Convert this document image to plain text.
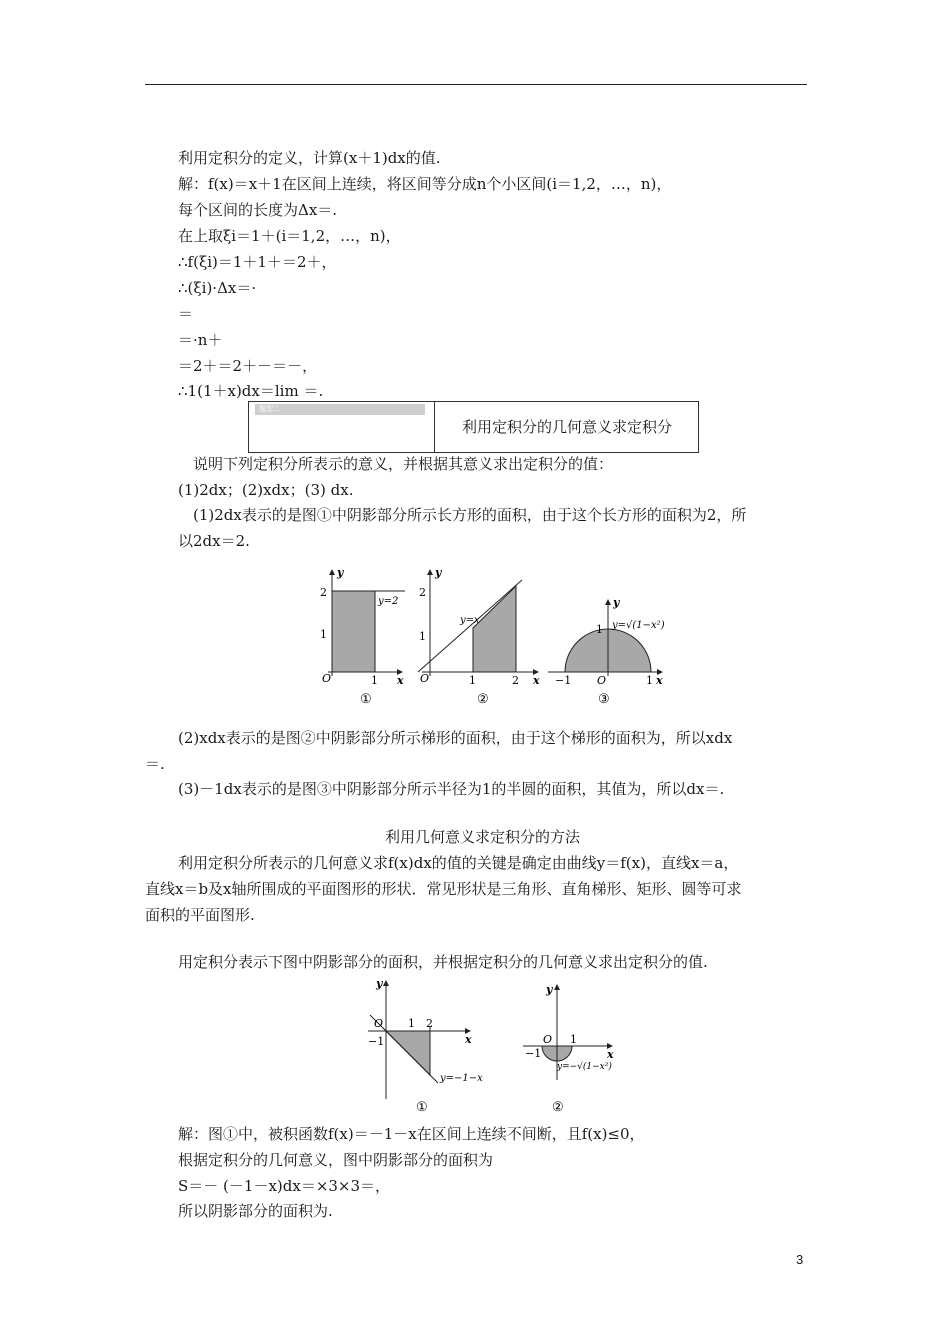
利用定积分的定义，计算(x＋1)dx的值.
解：f(x)＝x＋1在区间上连续，将区间等分成n个小区间(i＝1,2，…，n)，
每个区间的长度为Δx＝.
在上取ξi＝1＋(i＝1,2，…，n)，
∴f(ξi)＝1＋1＋＝2＋，
∴(ξi)·Δx＝·
＝
＝·n＋
＝2＋＝2＋－＝－，
∴1(1＋x)dx＝lim ＝.
题型二
利用定积分的几何意义求定积分
说明下列定积分所表示的意义，并根据其意义求出定积分的值：
(1)2dx；(2)xdx；(3) dx.
(1)2dx表示的是图①中阴影部分所示长方形的面积，由于这个长方形的面积为2，所
以2dx＝2.
y
x
O
2
1
1
y=2
①
y
x
O
2
1
1	2
y=x
②
y
x
O
1
−1	1
y=√(1−x²)
③
(2)xdx表示的是图②中阴影部分所示梯形的面积，由于这个梯形的面积为，所以xdx
＝.
(3)－1dx表示的是图③中阴影部分所示半径为1的半圆的面积，其值为，所以dx＝.
利用几何意义求定积分的方法
利用定积分所表示的几何意义求f(x)dx的值的关键是确定由曲线y＝f(x)，直线x＝a，
直线x＝b及x轴所围成的平面图形的形状．常见形状是三角形、直角梯形、矩形、圆等可求
面积的平面图形.
用定积分表示下图中阴影部分的面积，并根据定积分的几何意义求出定积分的值.
y
x
O 1 2
−1
y=−1−x
①
y
x
O
−1
1
y=−√(1−x²)
②
解：图①中，被积函数f(x)＝－1－x在区间上连续不间断，且f(x)≤0，
根据定积分的几何意义，图中阴影部分的面积为
S＝－ (－1－x)dx＝×3×3＝，
所以阴影部分的面积为.
3
